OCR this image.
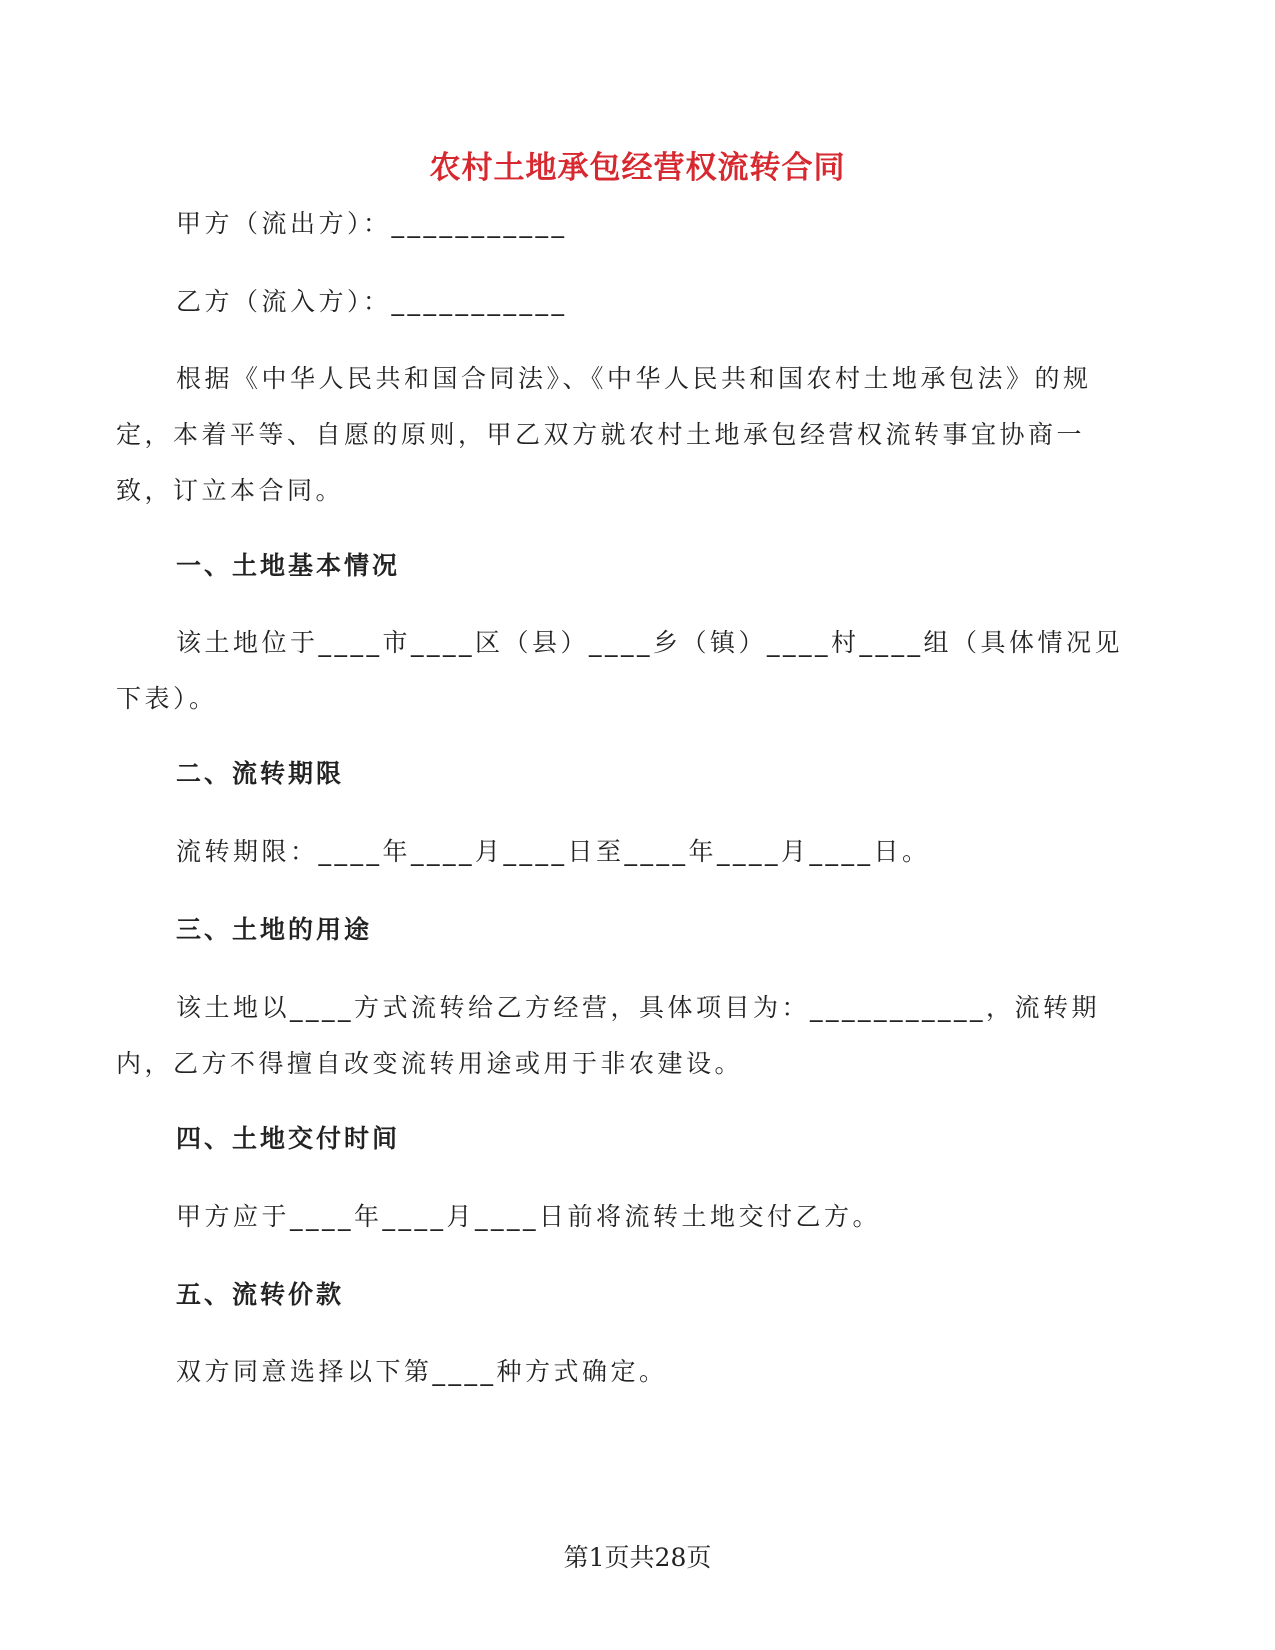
农村土地承包经营权流转合同
甲方（流出方）：___________
乙方（流入方）：___________
根据《中华人民共和国合同法》、《中华人民共和国农村土地承包法》的规定，本着平等、自愿的原则，甲乙双方就农村土地承包经营权流转事宜协商一致，订立本合同。
一、土地基本情况
该土地位于____市____区（县）____乡（镇）____村____组（具体情况见下表）。
二、流转期限
流转期限：____年____月____日至____年____月____日。
三、土地的用途
该土地以____方式流转给乙方经营，具体项目为：___________，流转期内，乙方不得擅自改变流转用途或用于非农建设。
四、土地交付时间
甲方应于____年____月____日前将流转土地交付乙方。
五、流转价款
双方同意选择以下第____种方式确定。
第1页共28页
